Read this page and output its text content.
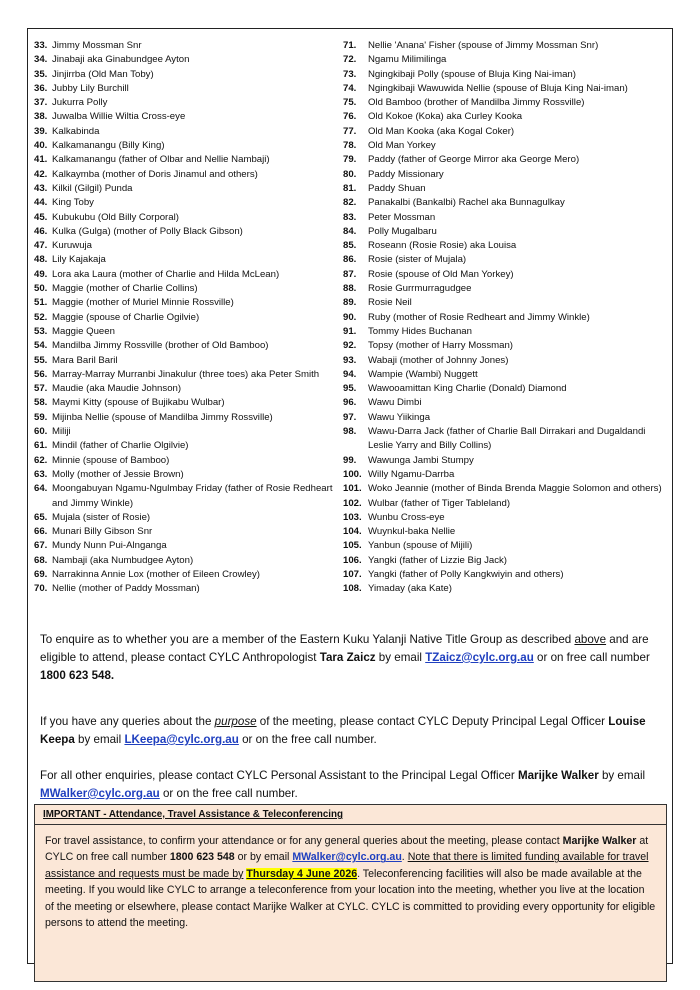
33. Jimmy Mossman Snr
34. Jinabaji aka Ginabundgee Ayton
35. Jinjirrba (Old Man Toby)
36. Jubby Lily Burchill
37. Jukurra Polly
38. Juwalba Willie Wiltia Cross-eye
39. Kalkabinda
40. Kalkamanangu (Billy King)
41. Kalkamanangu (father of Olbar and Nellie Nambaji)
42. Kalkaymba (mother of Doris Jinamul and others)
43. Kilkil (Gilgil) Punda
44. King Toby
45. Kubukubu (Old Billy Corporal)
46. Kulka (Gulga) (mother of Polly Black Gibson)
47. Kuruwuja
48. Lily Kajakaja
49. Lora aka Laura (mother of Charlie and Hilda McLean)
50. Maggie (mother of Charlie Collins)
51. Maggie (mother of Muriel Minnie Rossville)
52. Maggie (spouse of Charlie Ogilvie)
53. Maggie Queen
54. Mandilba Jimmy Rossville (brother of Old Bamboo)
55. Mara Baril Baril
56. Marray-Marray Murranbi Jinakulur (three toes) aka Peter Smith
57. Maudie (aka Maudie Johnson)
58. Maymi Kitty (spouse of Bujikabu Wulbar)
59. Mijinba Nellie (spouse of Mandilba Jimmy Rossville)
60. Miliji
61. Mindil (father of Charlie Olgilvie)
62. Minnie (spouse of Bamboo)
63. Molly (mother of Jessie Brown)
64. Moongabuyan Ngamu-Ngulmbay Friday (father of Rosie Redheart and Jimmy Winkle)
65. Mujala (sister of Rosie)
66. Munari Billy Gibson Snr
67. Mundy Nunn Pui-Alnganga
68. Nambaji (aka Numbudgee Ayton)
69. Narrakinna Annie Lox (mother of Eileen Crowley)
70. Nellie (mother of Paddy Mossman)
71.	Nellie 'Anana' Fisher (spouse of Jimmy Mossman Snr)
72.	Ngamu Milimilinga
73.	Ngingkibaji Polly (spouse of Bluja King Nai-iman)
74.	Ngingkibaji Wawuwida Nellie (spouse of Bluja King Nai-iman)
75.	Old Bamboo (brother of Mandilba Jimmy Rossville)
76.	Old Kokoe (Koka) aka Curley Kooka
77.	Old Man Kooka (aka Kogal Coker)
78.	Old Man Yorkey
79.	Paddy (father of George Mirror aka George Mero)
80.	Paddy Missionary
81.	Paddy Shuan
82.	Panakalbi (Bankalbi) Rachel aka Bunnagulkay
83.	Peter Mossman
84.	Polly Mugalbaru
85.	Roseann (Rosie Rosie) aka Louisa
86.	Rosie (sister of Mujala)
87.	Rosie (spouse of Old Man Yorkey)
88.	Rosie Gurrmurragudgee
89.	Rosie Neil
90.	Ruby (mother of Rosie Redheart and Jimmy Winkle)
91.	Tommy Hides Buchanan
92.	Topsy (mother of Harry Mossman)
93.	Wabaji (mother of Johnny Jones)
94.	Wampie (Wambi) Nuggett
95.	Wawooamittan King Charlie (Donald) Diamond
96.	Wawu Dimbi
97.	Wawu Yiikinga
98.	Wawu-Darra Jack (father of Charlie Ball Dirrakari and Dugaldandi Leslie Yarry and Billy Collins)
99.	Wawunga Jambi Stumpy
100. Willy Ngamu-Darrba
101. Woko Jeannie (mother of Binda Brenda Maggie Solomon and others)
102. Wulbar (father of Tiger Tableland)
103. Wunbu Cross-eye
104. Wuynkul-baka Nellie
105. Yanbun (spouse of Mijili)
106. Yangki (father of Lizzie Big Jack)
107. Yangki (father of Polly Kangkwiyin and others)
108. Yimaday (aka Kate)

To enquire as to whether you are a member of the Eastern Kuku Yalanji Native Title Group as described above and are eligible to attend, please contact CYLC Anthropologist Tara Zaicz by email TZaicz@cylc.org.au or on free call number 1800 623 548.

If you have any queries about the purpose of the meeting, please contact CYLC Deputy Principal Legal Officer Louise Keepa by email LKeepa@cylc.org.au or on the free call number.

For all other enquiries, please contact CYLC Personal Assistant to the Principal Legal Officer Marijke Walker by email MWalker@cylc.org.au or on the free call number.

IMPORTANT - Attendance, Travel Assistance & Teleconferencing

For travel assistance, to confirm your attendance or for any general queries about the meeting, please contact Marijke Walker at CYLC on free call number 1800 623 548 or by email MWalker@cylc.org.au. Note that there is limited funding available for travel assistance and requests must be made by Thursday 4 June 2026. Teleconferencing facilities will also be made available at the meeting. If you would like CYLC to arrange a teleconference from your location into the meeting, whether you live at the location of the meeting or elsewhere, please contact Marijke Walker at CYLC. CYLC is committed to providing every opportunity for eligible persons to attend the meeting.
